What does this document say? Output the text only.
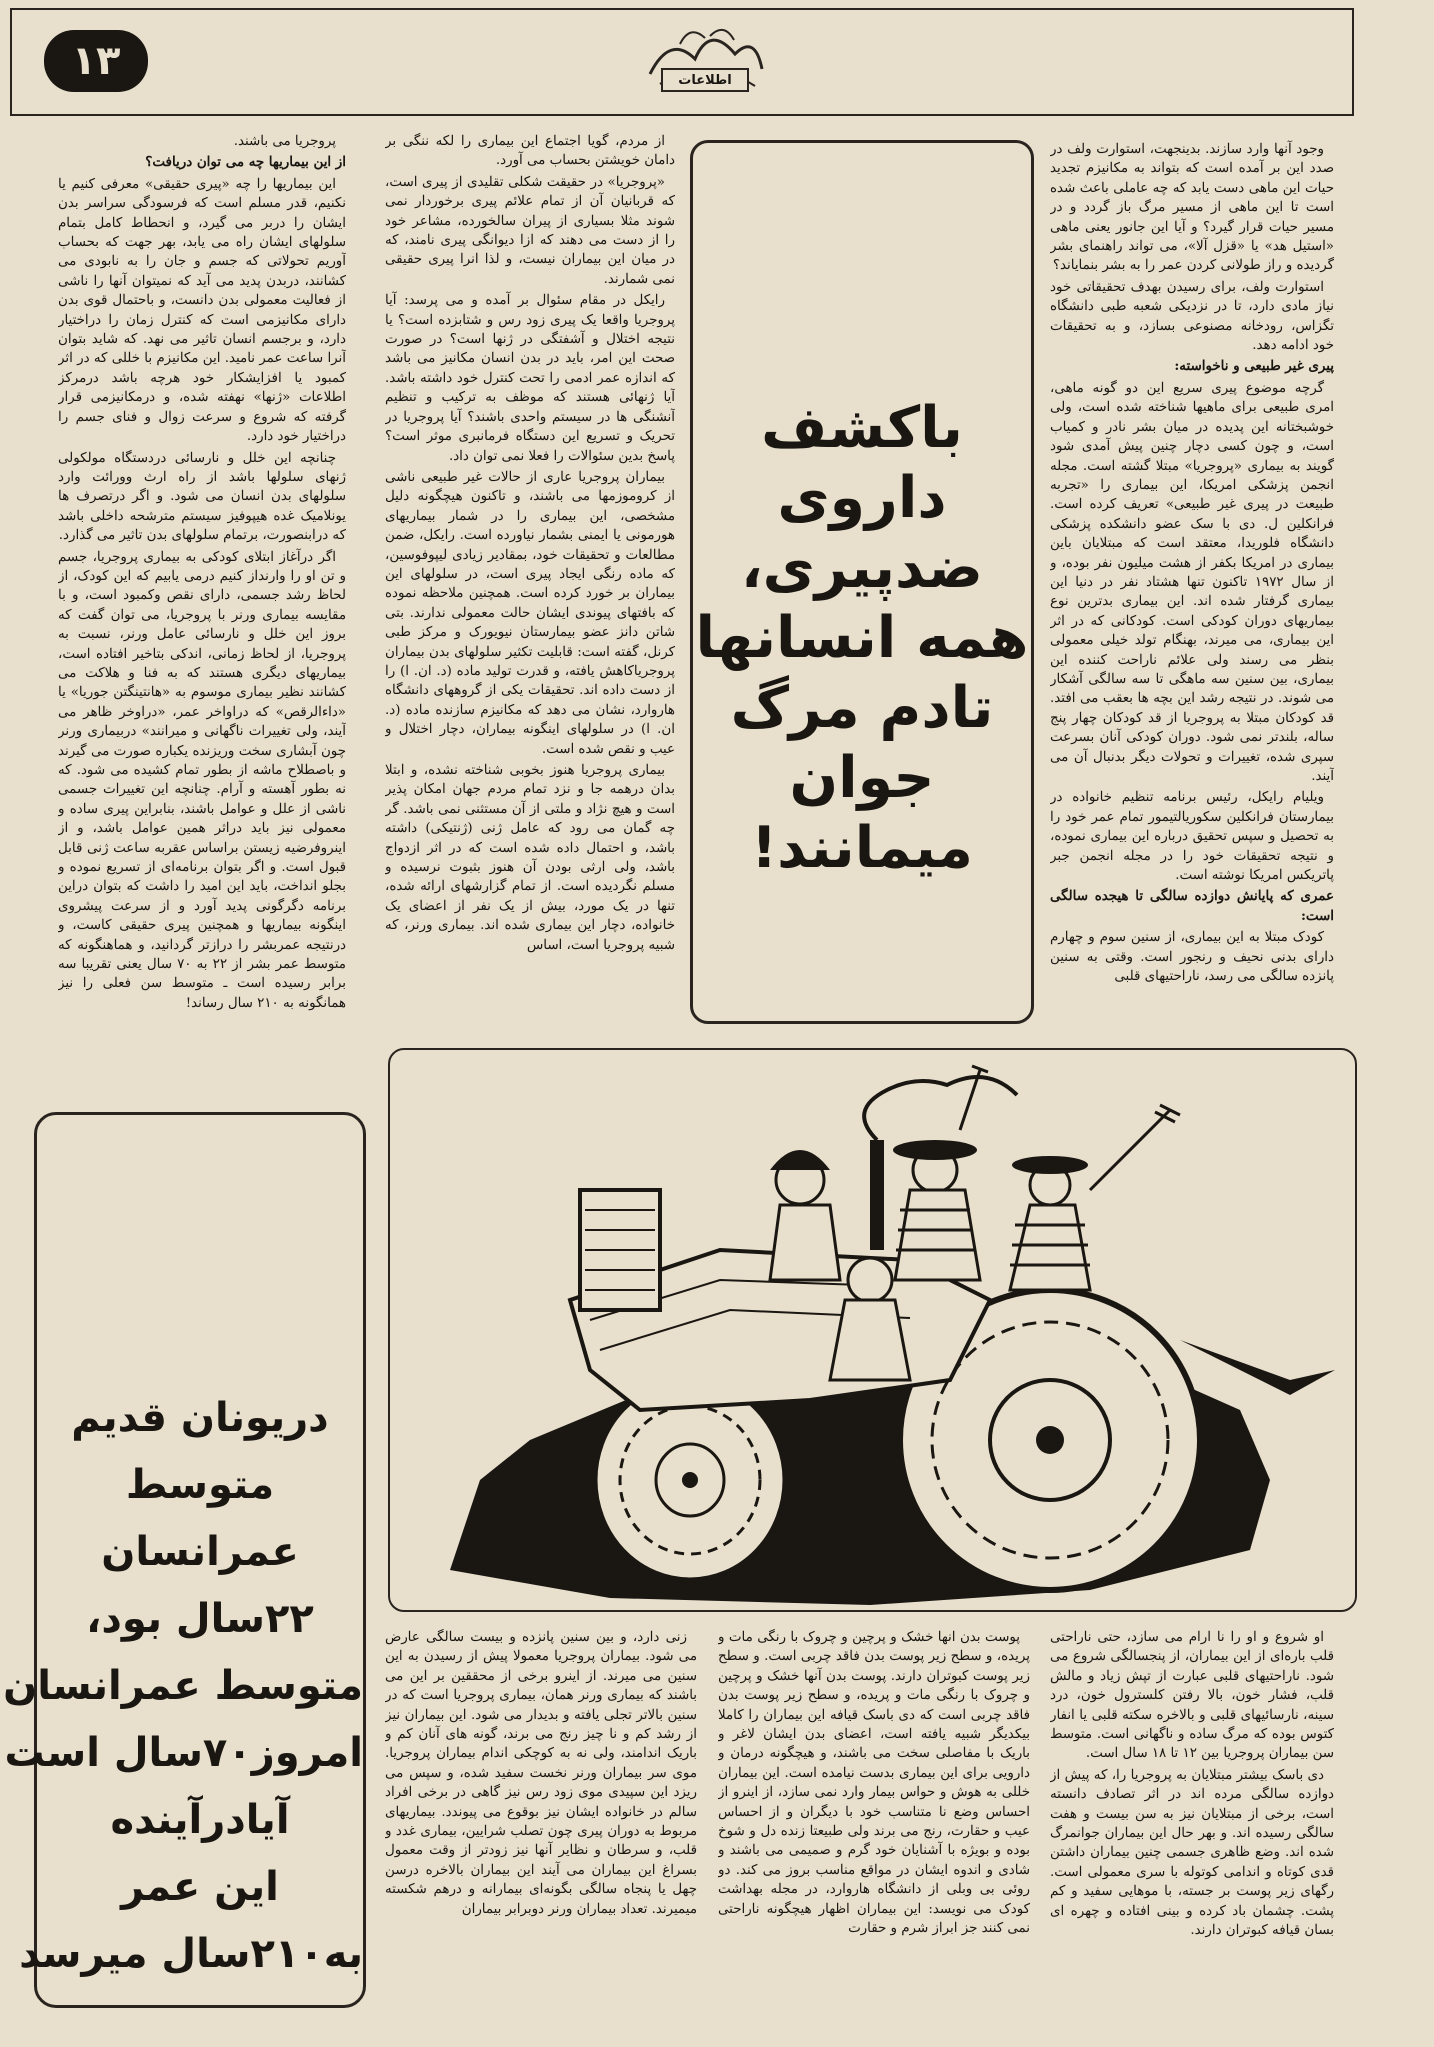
۱۳	اطلاعات

وجود آنها وارد سازند. بدینجهت، استوارت ولف در صدد این بر آمده است که بتواند به مکانیزم تجدید حیات این ماهی دست یابد که چه عاملی باعث شده است تا این ماهی از مسیر مرگ باز گردد و در مسیر حیات قرار گیرد؟ و آیا این جانور یعنی ماهی «استیل هد» یا «قزل آلا»، می تواند راهنمای بشر گردیده و راز طولانی کردن عمر را به بشر بنمایاند؟

استوارت ولف، برای رسیدن بهدف تحقیقاتی خود نیاز مادی دارد، تا در نزدیکی شعبه طبی دانشگاه تگزاس، رودخانه مصنوعی بسازد، و به تحقیقات خود ادامه دهد.

پیری غیر طبیعی و ناخواسته:

گرچه موضوع پیری سریع این دو گونه ماهی، امری طبیعی برای ماهیها شناخته شده است، ولی خوشبختانه این پدیده در میان بشر نادر و کمیاب است، و چون کسی دچار چنین پیش آمدی شود گویند به بیماری «پروجریا» مبتلا گشته است. مجله انجمن پزشکی امریکا، این بیماری را «تجربه طبیعت در پیری غیر طبیعی» تعریف کرده است. فرانکلین ل. دی با سک عضو دانشکده پزشکی دانشگاه فلوریدا، معتقد است که مبتلایان باین بیماری در امریکا بکفر از هشت میلیون نفر بوده، و از سال ۱۹۷۲ تاکنون تنها هشتاد نفر در دنیا این بیماری گرفتار شده اند. این بیماری بدترین نوع بیماریهای دوران کودکی است. کودکانی که در اثر این بیماری، می میرند، بهنگام تولد خیلی معمولی بنظر می رسند ولی علائم ناراحت کننده این بیماری، بین سنین سه ماهگی تا سه سالگی آشکار می شوند. در نتیجه رشد این بچه ها بعقب می افتد. قد کودکان مبتلا به پروجریا از قد کودکان چهار پنج ساله، بلندتر نمی شود. دوران کودکی آنان بسرعت سپری شده، تغییرات و تحولات دیگر بدنبال آن می آیند.

ویلیام رایکل، رئیس برنامه تنظیم خانواده در بیمارستان فرانکلین سکوریالتیمور تمام عمر خود را به تحصیل و سپس تحقیق درباره این بیماری نموده، و نتیجه تحقیقات خود را در مجله انجمن جبر پاتریکس امریکا نوشته است.

عمری که پایانش دوازده سالگی تا هیجده سالگی است:

کودک مبتلا به این بیماری، از سنین سوم و چهارم دارای بدنی نحیف و رنجور است. وقتی به سنین پانزده سالگی می رسد، ناراحتیهای قلبی

باکشف
داروی
ضدپیری،
همه انسانها
تادم مرگ
جوان
میمانند!

از مردم، گویا اجتماع این بیماری را لکه ننگی بر دامان خویشتن بحساب می آورد.

«پروجریا» در حقیقت شکلی تقلیدی از پیری است، که قربانیان آن از تمام علائم پیری برخوردار نمی شوند مثلا بسیاری از پیران سالخورده، مشاعر خود را از دست می دهند که ازا دیوانگی پیری نامند، که در میان این بیماران نیست، و لذا انرا پیری حقیقی نمی شمارند.

رایکل در مقام سئوال بر آمده و می پرسد: آیا پروجریا واقعا یک پیری زود رس و شتابزده است؟ یا نتیجه اختلال و آشفتگی در ژنها است؟ در صورت صحت این امر، باید در بدن انسان مکانیز می باشد که اندازه عمر ادمی را تحت کنترل خود داشته باشد. آیا ژنهائی هستند که موظف به ترکیب و تنظیم آنشنگی ها در سیستم واحدی باشند؟ آیا پروجریا در تحریک و تسریع این دستگاه فرمانبری موثر است؟ پاسخ بدین سئوالات را فعلا نمی توان داد.

بیماران پروجریا عاری از حالات غیر طبیعی ناشی از کروموزمها می باشند، و تاکنون هیچگونه دلیل مشخصی، این بیماری را در شمار بیماریهای هورمونی یا ایمنی بشمار نیاورده است. رایکل، ضمن مطالعات و تحقیقات خود، بمقادیر زیادی لیپوفوسین، که ماده رنگی ایجاد پیری است، در سلولهای این بیماران بر خورد کرده است. همچنین ملاحظه نموده که بافتهای پیوندی ایشان حالت معمولی ندارند. بتی شاتن دانز عضو بیمارستان نیویورک و مرکز طبی کرنل، گفته است: قابلیت تکثیر سلولهای بدن بیماران پروجریاکاهش یافته، و قدرت تولید ماده (د. ان. ا) را از دست داده اند. تحقیقات یکی از گروههای دانشگاه هاروارد، نشان می دهد که مکانیزم سازنده ماده (د. ان. ا) در سلولهای اینگونه بیماران، دچار اختلال و عیب و نقص شده است.

بیماری پروجریا هنوز بخوبی شناخته نشده، و ابتلا بدان درهمه جا و نزد تمام مردم جهان امکان پذیر است و هیچ نژاد و ملتی از آن مستثنی نمی باشد. گر چه گمان می رود که عامل ژنی (ژنتیکی) داشته باشد، و احتمال داده شده است که در اثر ازدواج باشد، ولی ارثی بودن آن هنوز بثبوت نرسیده و مسلم نگردیده است. از تمام گزارشهای ارائه شده، تنها در یک مورد، بیش از یک نفر از اعضای یک خانواده، دچار این بیماری شده اند. بیماری ورنر، که شبیه پروجریا است، اساس

پروجریا می باشند.

از این بیماریها چه می توان دریافت؟

این بیماریها را چه «پیری حقیقی» معرفی کنیم یا نکنیم، قدر مسلم است که فرسودگی سراسر بدن ایشان را دربر می گیرد، و انحطاط کامل بتمام سلولهای ایشان راه می یابد، بهر جهت که بحساب آوریم تحولاتی که جسم و جان را به نابودی می کشانند، دربدن پدید می آید که نمیتوان آنها را ناشی از فعالیت معمولی بدن دانست، و باحتمال قوی بدن دارای مکانیزمی است که کنترل زمان را دراختیار دارد، و برجسم انسان تاثیر می نهد. که شاید بتوان آنرا ساعت عمر نامید. این مکانیزم با خللی که در اثر کمبود یا افزایشکار خود هرچه باشد درمرکز اطلاعات «ژنها» نهفته شده، و درمکانیزمی قرار گرفته که شروع و سرعت زوال و فنای جسم را دراختیار خود دارد.

چنانچه این خلل و نارسائی دردستگاه مولکولی ژنهای سلولها باشد از راه ارث وورائت وارد سلولهای بدن انسان می شود. و اگر درتصرف ها یونلامیک غده هیپوفیز سیستم مترشحه داخلی باشد که درابنصورت، برتمام سلولهای بدن تاثیر می گذارد.

اگر درآغاز ابتلای کودکی به بیماری پروجریا، جسم و تن او را وارنداز کنیم درمی یابیم که این کودک، از لحاظ رشد جسمی، دارای نقص وکمبود است، و با مقایسه بیماری ورنر با پروجریا، می توان گفت که بروز این خلل و نارسائی عامل ورنر، نسبت به پروجریا، از لحاظ زمانی، اندکی بتاخیر افتاده است، بیماریهای دیگری هستند که به فنا و هلاکت می کشانند نظیر بیماری موسوم به «هانتینگتن جوریا» یا «داءالرقص» که دراواخر عمر، «دراوخر ظاهر می آیند، ولی تغییرات ناگهانی و میرانند» دربیماری ورنر چون آبشاری سخت وریزنده یکباره صورت می گیرند و باصطلاح ماشه از بطور تمام کشیده می شود. که نه بطور آهسته و آرام. چنانچه این تغییرات جسمی ناشی از علل و عوامل باشند، بنابراین پیری ساده و معمولی نیز باید دراثر همین عوامل باشد، و از اینروفرضیه زیستن براساس عقربه ساعت ژنی قابل قبول است. و اگر بتوان برنامه‌ای از تسریع نموده و بجلو انداخت، باید این امید را داشت که بتوان دراین برنامه دگرگونی پدید آورد و از سرعت پیشروی اینگونه بیماریها و همچنین پیری حقیقی کاست، و درنتیجه عمربشر را درازتر گردانید، و هماهنگونه که متوسط عمر بشر از ۲۲ به ۷۰ سال یعنی تقریبا سه برابر رسیده است ـ متوسط سن فعلی را نیز همانگونه به ۲۱۰ سال رساند!

دریونان قدیم
متوسط
عمرانسان
۲۲سال بود،
متوسط عمرانسان
امروز۷۰سال است
آیادرآینده
این عمر
به۲۱۰سال میرسد

او شروع و او را نا ارام می سازد، حتی ناراحتی قلب باره‌ای از این بیماران، از پنجسالگی شروع می شود. ناراحتیهای قلبی عبارت از تپش زیاد و مالش قلب، فشار خون، بالا رفتن کلسترول خون، درد سینه، نارسائیهای قلبی و بالاخره سکته قلبی یا انفار کتوس بوده که مرگ ساده و ناگهانی است. متوسط سن بیماران پروجریا بین ۱۲ تا ۱۸ سال است.

دی باسک بیشتر مبتلایان به پروجریا را، که پیش از دوازده سالگی مرده اند در اثر تصادف دانسته است، برخی از مبتلایان نیز به سن بیست و هفت سالگی رسیده اند. و بهر حال این بیماران جوانمرگ شده اند. وضع ظاهری جسمی چنین بیماران داشتن قدی کوتاه و اندامی کوتوله با سری معمولی است. رگهای زیر پوست بر جسته، با موهایی سفید و کم پشت. چشمان باد کرده و بینی افتاده و چهره ای بسان قیافه کبوتران دارند.

پوست بدن انها خشک و پرچین و چروک با رنگی مات و پریده، و سطح زیر پوست بدن فاقد چربی است. و سطح زیر پوست کبوتران دارند. پوست بدن آنها خشک و پرچین و چروک با رنگی مات و پریده، و سطح زیر پوست بدن فاقد چربی است که دی باسک قیافه این بیماران را کاملا بیکدیگر شبیه یافته است، اعضای بدن ایشان لاغر و باریک با مفاصلی سخت می باشند، و هیچگونه درمان و دارویی برای این بیماری بدست نیامده است. این بیماران خللی به هوش و حواس بیمار وارد نمی سازد، از اینرو از احساس وضع نا متناسب خود با دیگران و از احساس عیب و حقارت، رنج می برند ولی طبیعتا زنده دل و شوخ بوده و بویژه با آشنایان خود گرم و صمیمی می باشند و شادی و اندوه ایشان در مواقع مناسب بروز می کند. دو روئی بی وبلی از دانشگاه هاروارد، در مجله بهداشت کودک می نویسد: این بیماران اظهار هیچگونه ناراحتی نمی کنند جز ابراز شرم و حقارت

زنی دارد، و بین سنین پانزده و بیست سالگی عارض می شود. بیماران پروجریا معمولا پیش از رسیدن به این سنین می میرند. از اینرو برخی از محققین بر این می باشند که بیماری ورنر همان، بیماری پروجریا است که در سنین بالاتر تجلی یافته و بدیدار می شود. این بیماران نیز از رشد کم و نا چیز رنج می برند، گونه های آنان کم و باریک اندامند، ولی نه به کوچکی اندام بیماران پروجریا. موی سر بیماران ورنر نخست سفید شده، و سپس می ریزد این سپیدی موی زود رس نیز گاهی در برخی افراد سالم در خانواده ایشان نیز بوقوع می پیوندد. بیماریهای مربوط به دوران پیری چون تصلب شرایین، بیماری غدد و قلب، و سرطان و نظایر آنها نیز زودتر از وقت معمول بسراغ این بیماران می آیند این بیماران بالاخره درسن چهل یا پنجاه سالگی بگونه‌ای بیمارانه و درهم شکسته میمیرند. تعداد بیماران ورنر دوبرابر بیماران
